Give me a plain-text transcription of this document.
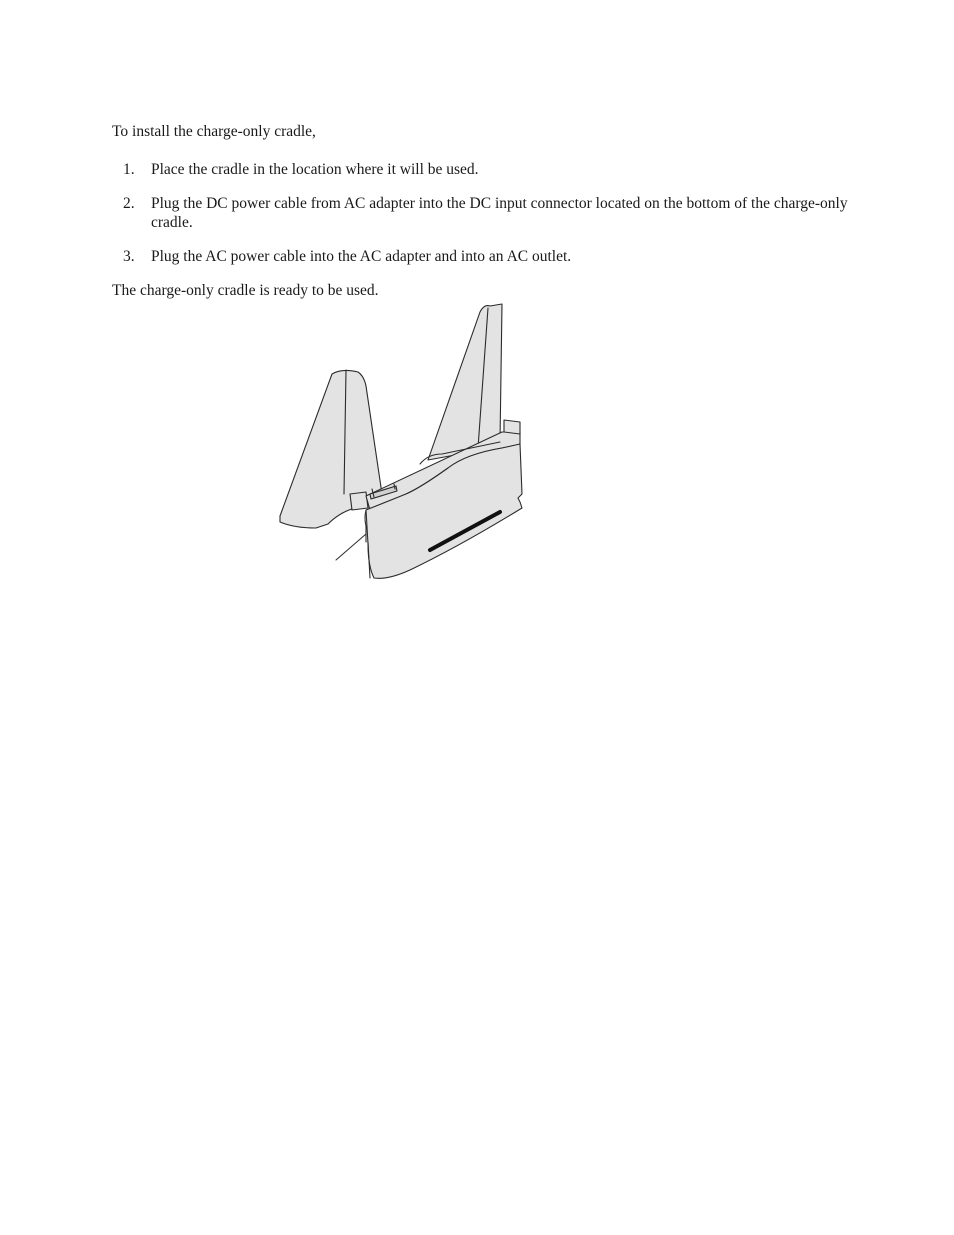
To install the charge-only cradle,

1. Place the cradle in the location where it will be used.
2. Plug the DC power cable from AC adapter into the DC input connector located on the bottom of the charge-only cradle.
3. Plug the AC power cable into the AC adapter and into an AC outlet.

The charge-only cradle is ready to be used.
